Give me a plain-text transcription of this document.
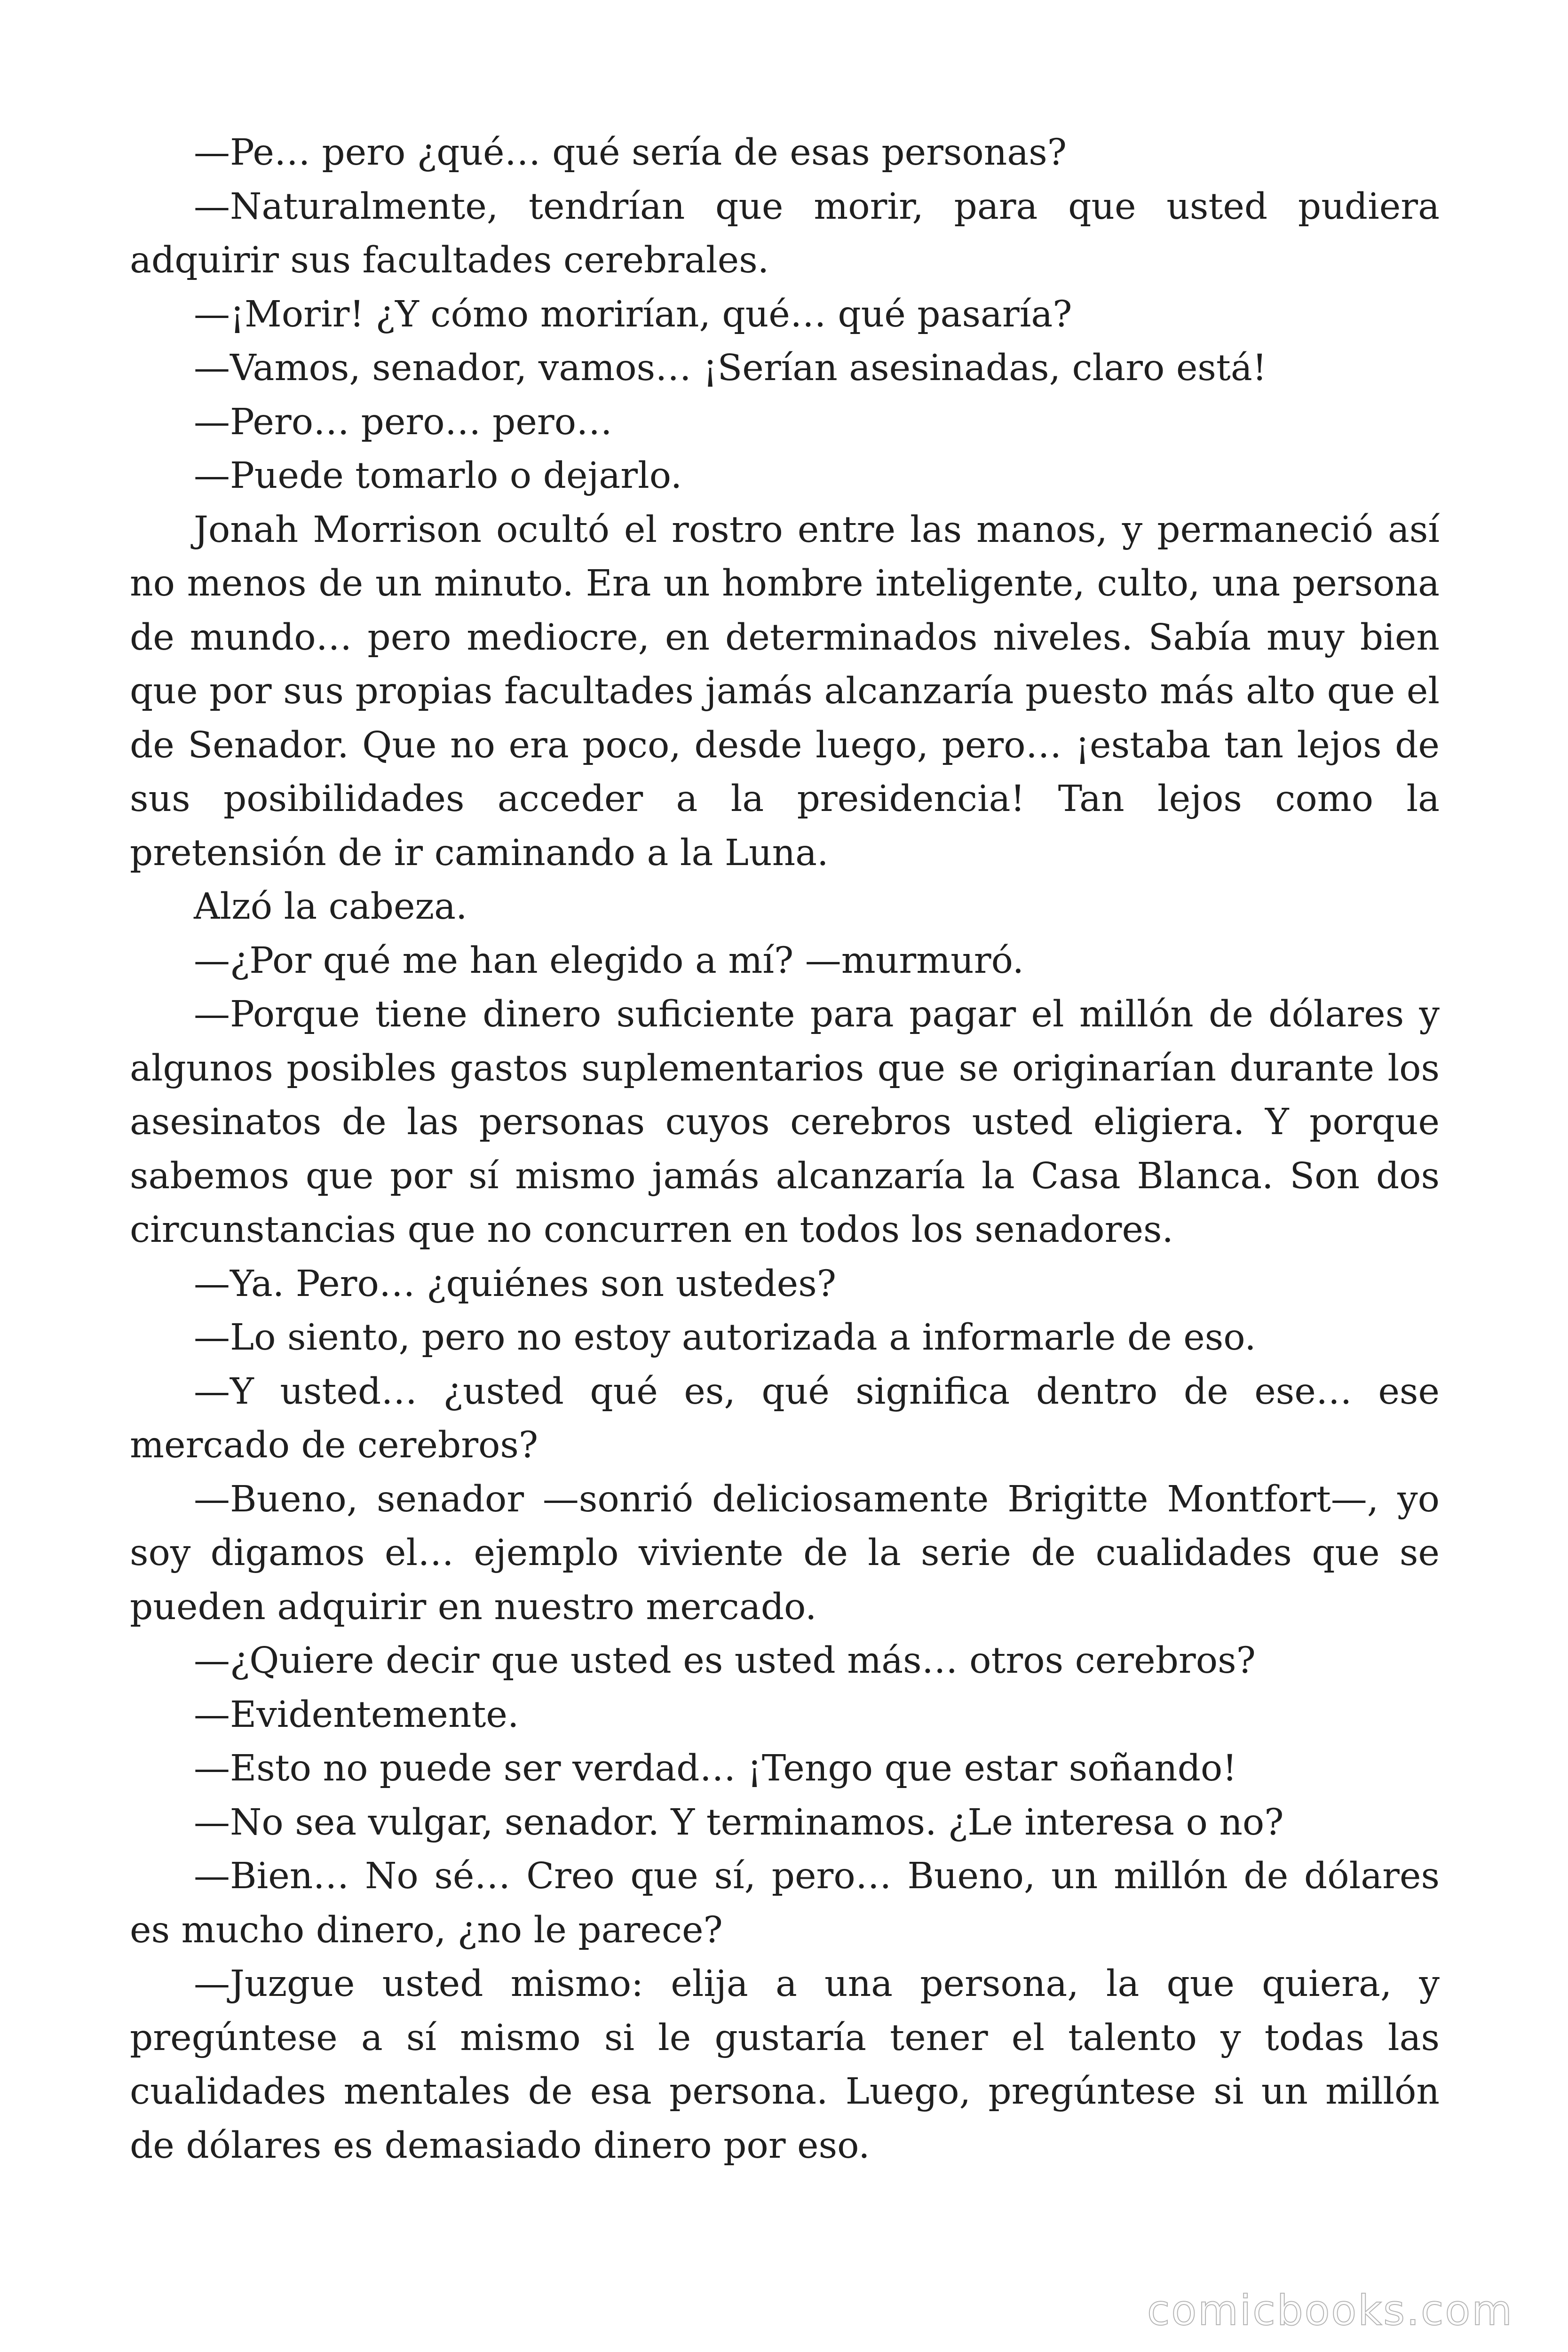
—Pe… pero ¿qué… qué sería de esas personas?

—Naturalmente, tendrían que morir, para que usted pudiera adquirir sus facultades cerebrales.

—¡Morir! ¿Y cómo morirían, qué… qué pasaría?

—Vamos, senador, vamos… ¡Serían asesinadas, claro está!

—Pero… pero… pero…

—Puede tomarlo o dejarlo.

Jonah Morrison ocultó el rostro entre las manos, y permaneció así no menos de un minuto. Era un hombre inteligente, culto, una persona de mundo… pero mediocre, en determinados niveles. Sabía muy bien que por sus propias facultades jamás alcanzaría puesto más alto que el de Senador. Que no era poco, desde luego, pero… ¡estaba tan lejos de sus posibilidades acceder a la presidencia! Tan lejos como la pretensión de ir caminando a la Luna.

Alzó la cabeza.

—¿Por qué me han elegido a mí? —murmuró.

—Porque tiene dinero suficiente para pagar el millón de dólares y algunos posibles gastos suplementarios que se originarían durante los asesinatos de las personas cuyos cerebros usted eligiera. Y porque sabemos que por sí mismo jamás alcanzaría la Casa Blanca. Son dos circunstancias que no concurren en todos los senadores.

—Ya. Pero… ¿quiénes son ustedes?

—Lo siento, pero no estoy autorizada a informarle de eso.

—Y usted… ¿usted qué es, qué significa dentro de ese… ese mercado de cerebros?

—Bueno, senador —sonrió deliciosamente Brigitte Montfort—, yo soy digamos el… ejemplo viviente de la serie de cualidades que se pueden adquirir en nuestro mercado.

—¿Quiere decir que usted es usted más… otros cerebros?

—Evidentemente.

—Esto no puede ser verdad… ¡Tengo que estar soñando!

—No sea vulgar, senador. Y terminamos. ¿Le interesa o no?

—Bien… No sé… Creo que sí, pero… Bueno, un millón de dólares es mucho dinero, ¿no le parece?

—Juzgue usted mismo: elija a una persona, la que quiera, y pregúntese a sí mismo si le gustaría tener el talento y todas las cualidades mentales de esa persona. Luego, pregúntese si un millón de dólares es demasiado dinero por eso.

comicbooks.com
